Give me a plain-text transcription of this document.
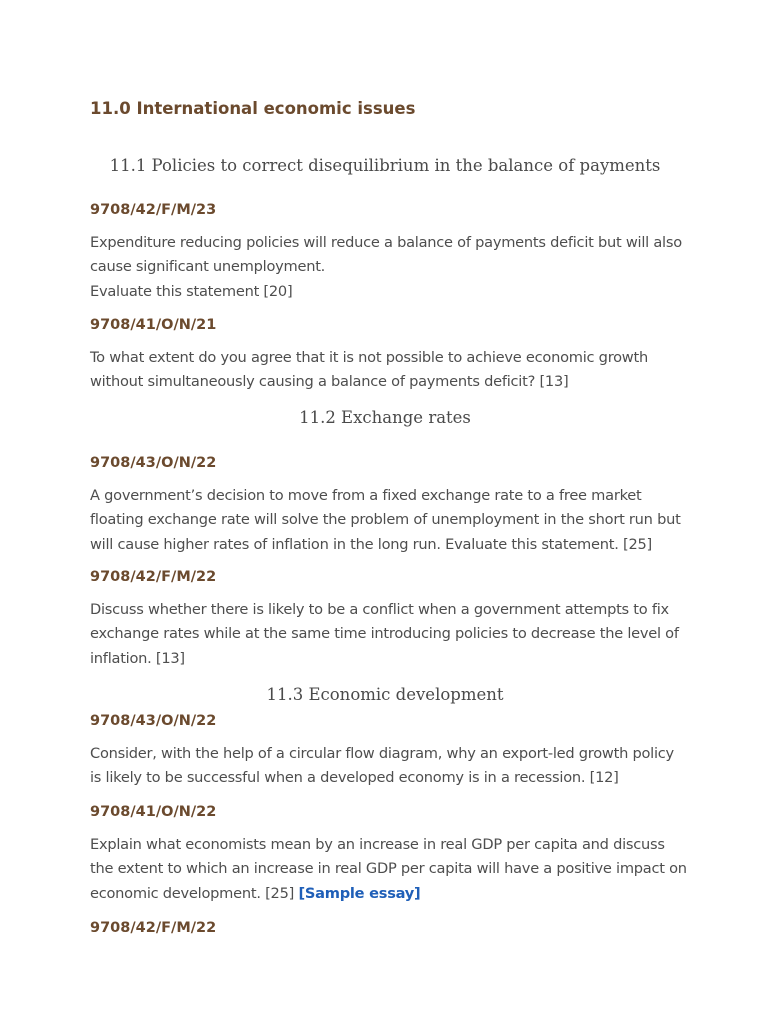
11.0 International economic issues
11.1 Policies to correct disequilibrium in the balance of payments
9708/42/F/M/23
Expenditure reducing policies will reduce a balance of payments deficit but will also
cause significant unemployment.
Evaluate this statement [20]
9708/41/O/N/21
To what extent do you agree that it is not possible to achieve economic growth
without simultaneously causing a balance of payments deficit? [13]
11.2 Exchange rates
9708/43/O/N/22
A government’s decision to move from a fixed exchange rate to a free market
floating exchange rate will solve the problem of unemployment in the short run but
will cause higher rates of inflation in the long run. Evaluate this statement. [25]
9708/42/F/M/22
Discuss whether there is likely to be a conflict when a government attempts to fix
exchange rates while at the same time introducing policies to decrease the level of
inflation. [13]
11.3 Economic development
9708/43/O/N/22
Consider, with the help of a circular flow diagram, why an export-led growth policy
is likely to be successful when a developed economy is in a recession. [12]
9708/41/O/N/22
Explain what economists mean by an increase in real GDP per capita and discuss
the extent to which an increase in real GDP per capita will have a positive impact on
economic development. [25] [Sample essay]
9708/42/F/M/22
